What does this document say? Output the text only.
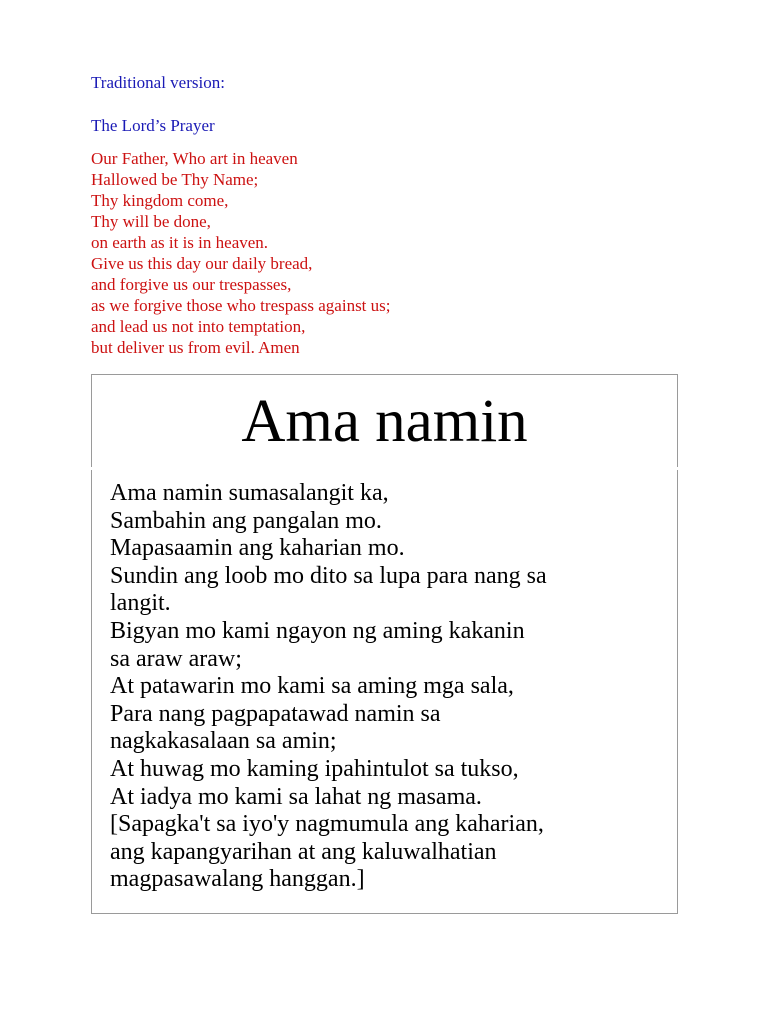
Traditional version:

The Lord’s Prayer

Our Father, Who art in heaven
Hallowed be Thy Name;
Thy kingdom come,
Thy will be done,
on earth as it is in heaven.
Give us this day our daily bread,
and forgive us our trespasses,
as we forgive those who trespass against us;
and lead us not into temptation,
but deliver us from evil. Amen
Ama namin
Ama namin sumasalangit ka,
Sambahin ang pangalan mo.
Mapasaamin ang kaharian mo.
Sundin ang loob mo dito sa lupa para nang sa
langit.
Bigyan mo kami ngayon ng aming kakanin
sa araw araw;
At patawarin mo kami sa aming mga sala,
Para nang pagpapatawad namin sa
nagkakasalaan sa amin;
At huwag mo kaming ipahintulot sa tukso,
At iadya mo kami sa lahat ng masama.
[Sapagka't sa iyo'y nagmumula ang kaharian,
ang kapangyarihan at ang kaluwalhatian
magpasawalang hanggan.]
